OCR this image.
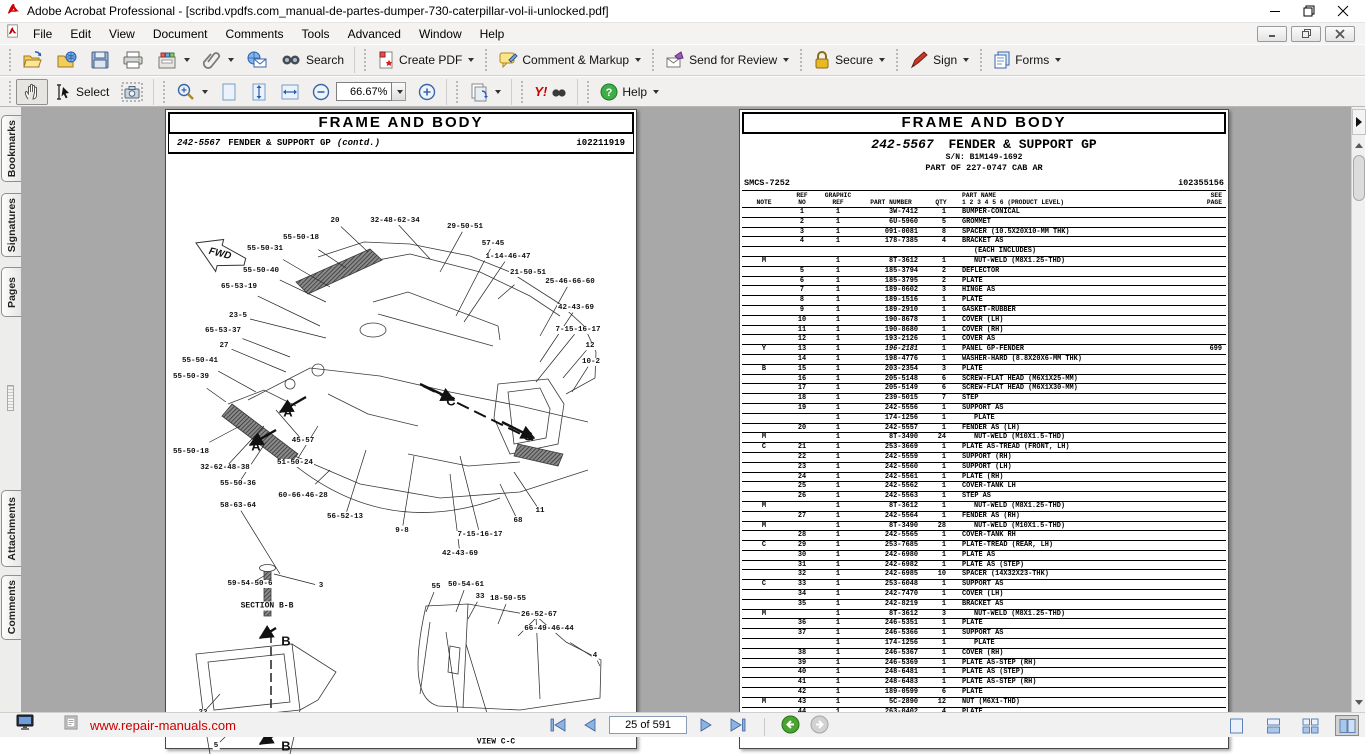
Adobe Acrobat Professional - [scribd.vpdfs.com_manual-de-partes-dumper-730-caterpillar-vol-ii-unlocked.pdf]
File	Edit	View	Document	Comments	Tools	Advanced	Window	Help
Search	Create PDF	Comment & Markup	Send for Review	Secure	Sign	Forms
Select	66.67%	Y!	? Help
Bookmarks
Signatures
Pages
Attachments
Comments
FRAME AND BODY
242-5567 FENDER & SUPPORT GP (contd.)	i02211919
FWD
20	32-48-62-34
29-50-51
55-50-18
55-50-31
57-45
1-14-46-47
55-50-40	21-50-51
65-53-19
25-46-66-60
23-5
42-43-69
65-53-37	7-15-16-17
27	12
55-50-41	10-2
55-50-39
A
A
C
C
55-50-18
45-57
32-62-48-38
51-50-24
55-50-36
60-66-46-28
58-63-64
56-52-13
9-8	7-15-16-17
42-43-69
68
11
59-54-50-6	3
SECTION B-B
B
B
5
55 50-54-61
33 18-50-55
26-52-67
66-49-46-44
4
VIEW C-C
FRAME AND BODY
242-5567 FENDER & SUPPORT GP
S/N: B1M149-1692
PART OF 227-0747 CAB AR
SMCS-7252	i02355156
NOTE
REF
NO
GRAPHIC
REF	PART NUMBER	QTY
PART NAME
1 2 3 4 5 6 (PRODUCT LEVEL)
SEE
PAGE
1	1	3W-7412	1	BUMPER-CONICAL
2	1	6U-5960	5	GROMMET
3	1	091-0081	8	SPACER (10.5X20X10-MM THK)
4	1	178-7385	4	BRACKET AS
(EACH INCLUDES)
M	1	8T-3612	1	NUT-WELD (M8X1.25-THD)
5	1	185-3794	2	DEFLECTOR
6	1	185-3795	2	PLATE
7	1	189-0602	3	HINGE AS
8	1	189-1516	1	PLATE
9	1	189-2910	1	GASKET-RUBBER
10	1	190-8678	1	COVER (LH)
11	1	190-8680	1	COVER (RH)
12	1	193-2126	1	COVER AS
Y	13	1	196-2181	1	PANEL GP-FENDER	699
14	1	198-4776	1	WASHER-HARD (8.8X20X6-MM THK)
B	15	1	203-2354	3	PLATE
16	1	205-5148	6	SCREW-FLAT HEAD (M6X1X25-MM)
17	1	205-5149	6	SCREW-FLAT HEAD (M6X1X30-MM)
18	1	239-5015	7	STEP
19	1	242-5556	1	SUPPORT AS
1	174-1256	1	PLATE
20	1	242-5557	1	FENDER AS (LH)
M	1	8T-3490	24	NUT-WELD (M10X1.5-THD)
C	21	1	253-3669	1	PLATE AS-TREAD (FRONT, LH)
22	1	242-5559	1	SUPPORT (RH)
23	1	242-5560	1	SUPPORT (LH)
24	1	242-5561	1	PLATE (RH)
25	1	242-5562	1	COVER-TANK LH
26	1	242-5563	1	STEP AS
M	1	8T-3612	1	NUT-WELD (M8X1.25-THD)
27	1	242-5564	1	FENDER AS (RH)
M	1	8T-3490	28	NUT-WELD (M10X1.5-THD)
28	1	242-5565	1	COVER-TANK RH
C	29	1	253-7685	1	PLATE-TREAD (REAR, LH)
30	1	242-6980	1	PLATE AS
31	1	242-6982	1	PLATE AS (STEP)
32	1	242-6985	10	SPACER (14X32X23-THK)
C	33	1	253-6048	1	SUPPORT AS
34	1	242-7470	1	COVER (LH)
35	1	242-8219	1	BRACKET AS
M	1	8T-3612	3	NUT-WELD (M8X1.25-THD)
36	1	246-5351	1	PLATE
37	1	246-5366	1	SUPPORT AS
1	174-1256	1	PLATE
38	1	246-5367	1	COVER (RH)
39	1	246-5369	1	PLATE AS-STEP (RH)
40	1	248-6481	1	PLATE AS (STEP)
41	1	248-6483	1	PLATE AS-STEP (RH)
42	1	189-0599	6	PLATE
M	43	1	5C-2890	12	NUT (M6X1-THD)
www.repair-manuals.com	25 of 591
